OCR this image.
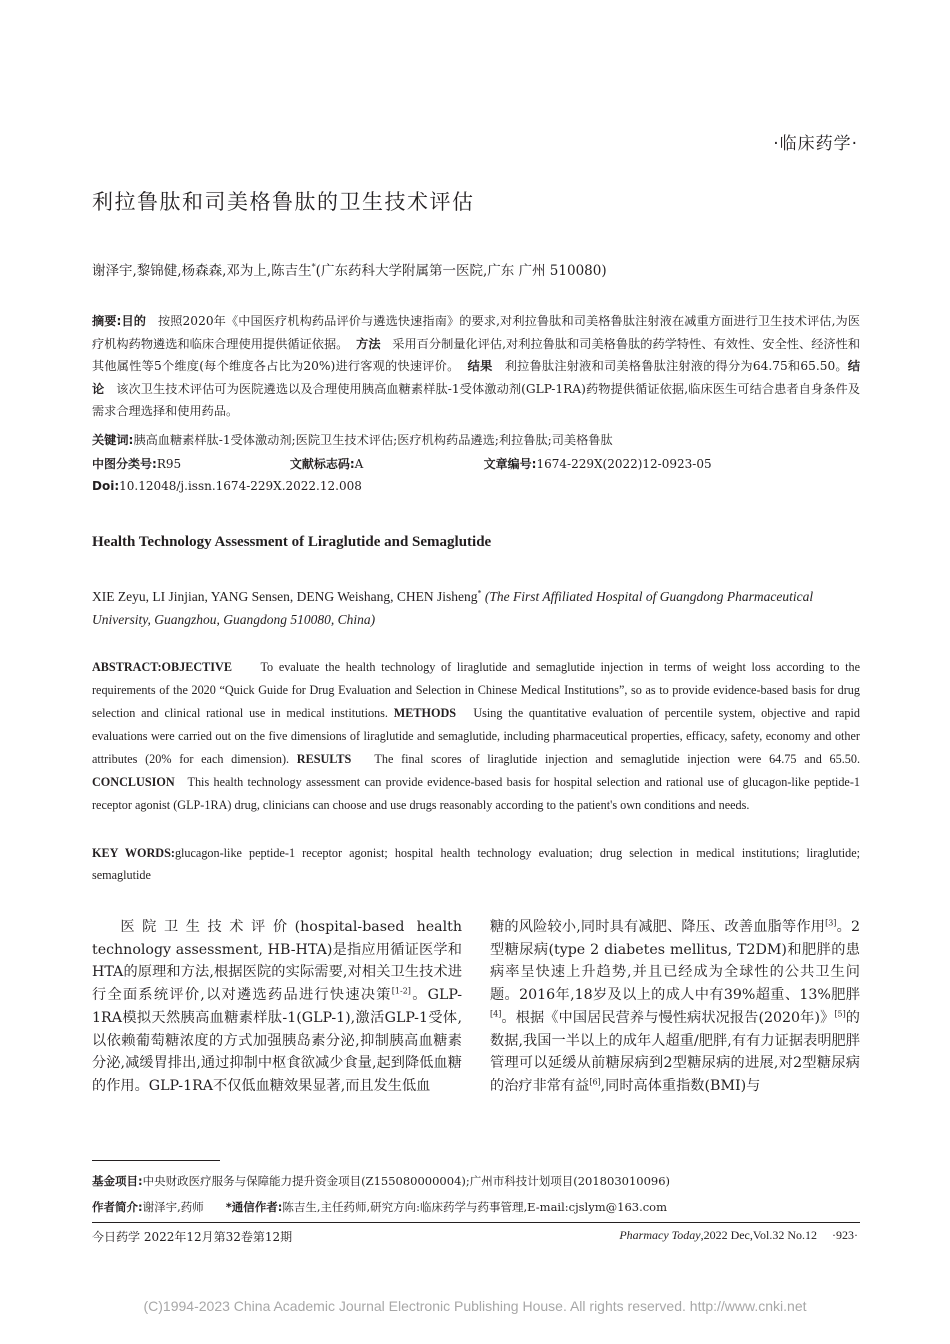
·临床药学·
利拉鲁肽和司美格鲁肽的卫生技术评估
谢泽宇,黎锦健,杨森森,邓为上,陈吉生*(广东药科大学附属第一医院,广东 广州 510080)
摘要:目的 按照2020年《中国医疗机构药品评价与遴选快速指南》的要求,对利拉鲁肽和司美格鲁肽注射液在减重方面进行卫生技术评估,为医疗机构药物遴选和临床合理使用提供循证依据。 方法 采用百分制量化评估,对利拉鲁肽和司美格鲁肽的药学特性、有效性、安全性、经济性和其他属性等5个维度(每个维度各占比为20%)进行客观的快速评价。 结果 利拉鲁肽注射液和司美格鲁肽注射液的得分为64.75和65.50。结论 该次卫生技术评估可为医院遴选以及合理使用胰高血糖素样肽-1受体激动剂(GLP-1RA)药物提供循证依据,临床医生可结合患者自身条件及需求合理选择和使用药品。
关键词:胰高血糖素样肽-1受体激动剂;医院卫生技术评估;医疗机构药品遴选;利拉鲁肽;司美格鲁肽
中图分类号:R95	文献标志码:A	文章编号:1674-229X(2022)12-0923-05
Doi:10.12048/j.issn.1674-229X.2022.12.008
Health Technology Assessment of Liraglutide and Semaglutide
XIE Zeyu, LI Jinjian, YANG Sensen, DENG Weishang, CHEN Jisheng* (The First Affiliated Hospital of Guangdong Pharmaceutical University, Guangzhou, Guangdong 510080, China)
ABSTRACT:OBJECTIVE To evaluate the health technology of liraglutide and semaglutide injection in terms of weight loss according to the requirements of the 2020 “Quick Guide for Drug Evaluation and Selection in Chinese Medical Institutions”, so as to provide evidence-based basis for drug selection and clinical rational use in medical institutions. METHODS Using the quantitative evaluation of percentile system, objective and rapid evaluations were carried out on the five dimensions of liraglutide and semaglutide, including pharmaceutical properties, efficacy, safety, economy and other attributes (20% for each dimension). RESULTS The final scores of liraglutide injection and semaglutide injection were 64.75 and 65.50. CONCLUSION This health technology assessment can provide evidence-based basis for hospital selection and rational use of glucagon-like peptide-1 receptor agonist (GLP-1RA) drug, clinicians can choose and use drugs reasonably according to the patient's own conditions and needs.
KEY WORDS:glucagon-like peptide-1 receptor agonist; hospital health technology evaluation; drug selection in medical institutions; liraglutide; semaglutide

医院卫生技术评价(hospital-based health technology assessment, HB-HTA)是指应用循证医学和HTA的原理和方法,根据医院的实际需要,对相关卫生技术进行全面系统评价,以对遴选药品进行快速决策[1-2]。GLP-1RA模拟天然胰高血糖素样肽-1(GLP-1),激活GLP-1受体,以依赖葡萄糖浓度的方式加强胰岛素分泌,抑制胰高血糖素分泌,减缓胃排出,通过抑制中枢食欲减少食量,起到降低血糖的作用。GLP-1RA不仅低血糖效果显著,而且发生低血

糖的风险较小,同时具有减肥、降压、改善血脂等作用[3]。2型糖尿病(type 2 diabetes mellitus, T2DM)和肥胖的患病率呈快速上升趋势,并且已经成为全球性的公共卫生问题。2016年,18岁及以上的成人中有39%超重、13%肥胖[4]。根据《中国居民营养与慢性病状况报告(2020年)》[5]的数据,我国一半以上的成年人超重/肥胖,有有力证据表明肥胖管理可以延缓从前糖尿病到2型糖尿病的进展,对2型糖尿病的治疗非常有益[6],同时高体重指数(BMI)与

基金项目:中央财政医疗服务与保障能力提升资金项目(Z155080000004);广州市科技计划项目(201803010096)
作者简介:谢泽宇,药师 *通信作者:陈吉生,主任药师,研究方向:临床药学与药事管理,E-mail:cjslym@163.com
今日药学 2022年12月第32卷第12期	Pharmacy Today,2022 Dec,Vol.32 No.12 ·923·
(C)1994-2023 China Academic Journal Electronic Publishing House. All rights reserved. http://www.cnki.net
